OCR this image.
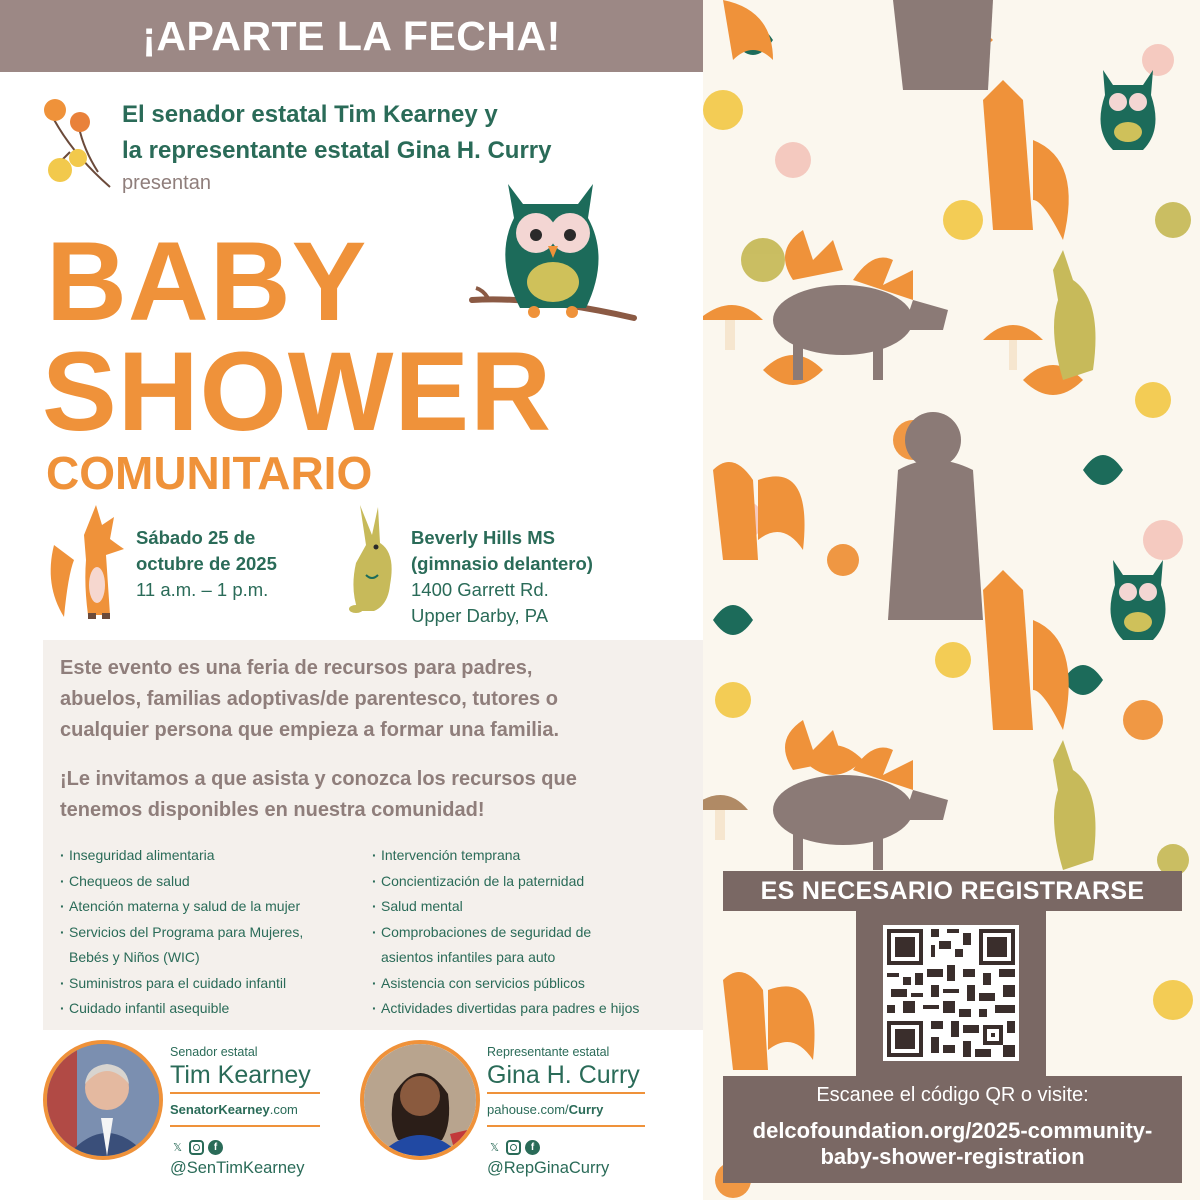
¡APARTE LA FECHA!
El senador estatal Tim Kearney y
la representante estatal Gina H. Curry
presentan
BABY
SHOWER
COMUNITARIO
Sábado 25 de
octubre de 2025
11 a.m. – 1 p.m.
Beverly Hills MS
(gimnasio delantero)
1400 Garrett Rd.
Upper Darby, PA
Este evento es una feria de recursos para padres,
abuelos, familias adoptivas/de parentesco, tutores o
cualquier persona que empieza a formar una familia.
¡Le invitamos a que asista y conozca los recursos que
tenemos disponibles en nuestra comunidad!
· Inseguridad alimentaria
· Chequeos de salud
· Atención materna y salud de la mujer
· Servicios del Programa para Mujeres,
Bebés y Niños (WIC)
· Suministros para el cuidado infantil
· Cuidado infantil asequible
· Intervención temprana
· Concientización de la paternidad
· Salud mental
· Comprobaciones de seguridad de
asientos infantiles para auto
· Asistencia con servicios públicos
· Actividades divertidas para padres e hijos
Senador estatal
Tim Kearney
SenatorKearney.com
𝕏	f
@SenTimKearney
Representante estatal
Gina H. Curry
pahouse.com/Curry
𝕏	f
@RepGinaCurry
ES NECESARIO REGISTRARSE
Escanee el código QR o visite:
delcofoundation.org/2025-community-
baby-shower-registration
